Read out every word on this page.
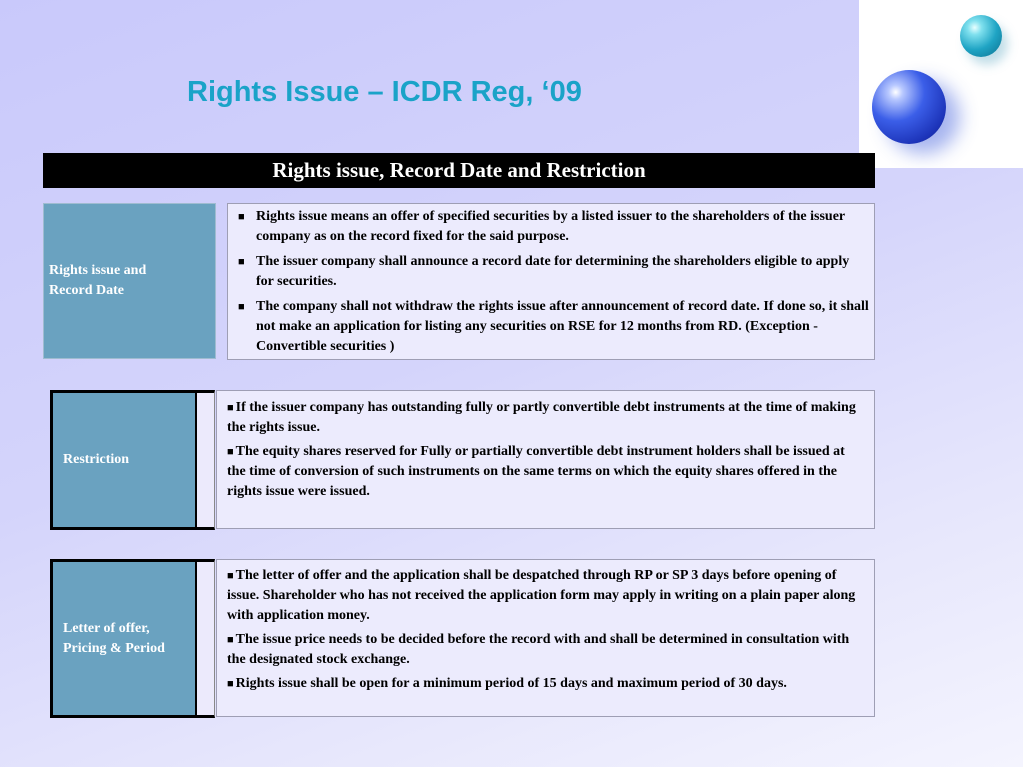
Rights Issue – ICDR Reg, ‘09
Rights issue, Record Date and Restriction
Rights issue and
Record Date
■ Rights issue means an offer of specified securities by a listed issuer to the shareholders of the issuer company as on the record fixed for the said purpose.
■ The issuer company shall announce a record date for determining the shareholders eligible to apply for securities.
■ The company shall not withdraw the rights issue after announcement of record date. If done so, it shall not make an application for listing any securities on RSE for 12 months from RD. (Exception - Convertible securities )
Restriction
■ If the issuer company has outstanding fully or partly convertible debt instruments at the time of making the rights issue.
■ The equity shares reserved for Fully or partially convertible debt instrument holders shall be issued at the time of conversion of such instruments on the same terms on which the equity shares offered in the rights issue were issued.
Letter of offer,
Pricing & Period
■ The letter of offer and the application shall be despatched through RP or SP 3 days before opening of issue. Shareholder who has not received the application form may apply in writing on a plain paper along with application money.
■ The issue price needs to be decided before the record with and shall be determined in consultation with the designated stock exchange.
■ Rights issue shall be open for a minimum period of 15 days and maximum period of 30 days.
